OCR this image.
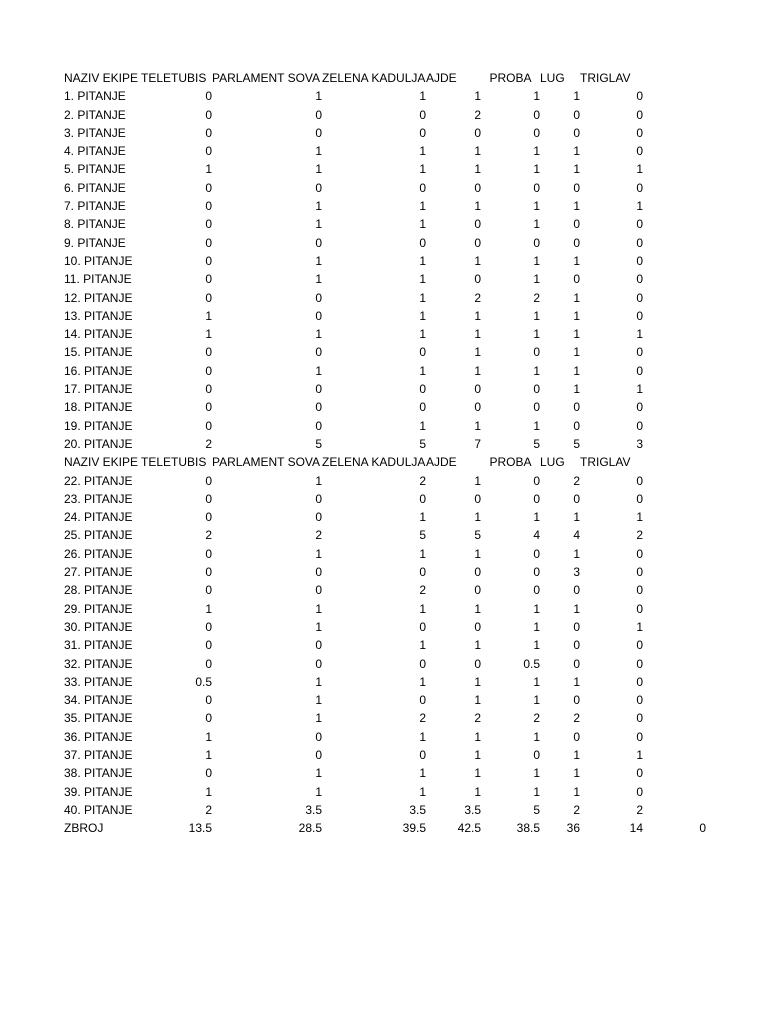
NAZIV EKIPE	TELETUBIS	PARLAMENT SOVA	ZELENA KADULJA	AJDE	PROBA	LUG	TRIGLAV	
1. PITANJE	0	1	1	1	1	1	0	
2. PITANJE	0	0	0	2	0	0	0	
3. PITANJE	0	0	0	0	0	0	0	
4. PITANJE	0	1	1	1	1	1	0	
5. PITANJE	1	1	1	1	1	1	1	
6. PITANJE	0	0	0	0	0	0	0	
7. PITANJE	0	1	1	1	1	1	1	
8. PITANJE	0	1	1	0	1	0	0	
9. PITANJE	0	0	0	0	0	0	0	
10. PITANJE	0	1	1	1	1	1	0	
11. PITANJE	0	1	1	0	1	0	0	
12. PITANJE	0	0	1	2	2	1	0	
13. PITANJE	1	0	1	1	1	1	0	
14. PITANJE	1	1	1	1	1	1	1	
15. PITANJE	0	0	0	1	0	1	0	
16. PITANJE	0	1	1	1	1	1	0	
17. PITANJE	0	0	0	0	0	1	1	
18. PITANJE	0	0	0	0	0	0	0	
19. PITANJE	0	0	1	1	1	0	0	
20. PITANJE	2	5	5	7	5	5	3	
NAZIV EKIPE	TELETUBIS	PARLAMENT SOVA	ZELENA KADULJA	AJDE	PROBA	LUG	TRIGLAV	
22. PITANJE	0	1	2	1	0	2	0	
23. PITANJE	0	0	0	0	0	0	0	
24. PITANJE	0	0	1	1	1	1	1	
25. PITANJE	2	2	5	5	4	4	2	
26. PITANJE	0	1	1	1	0	1	0	
27. PITANJE	0	0	0	0	0	3	0	
28. PITANJE	0	0	2	0	0	0	0	
29. PITANJE	1	1	1	1	1	1	0	
30. PITANJE	0	1	0	0	1	0	1	
31. PITANJE	0	0	1	1	1	0	0	
32. PITANJE	0	0	0	0	0.5	0	0	
33. PITANJE	0.5	1	1	1	1	1	0	
34. PITANJE	0	1	0	1	1	0	0	
35. PITANJE	0	1	2	2	2	2	0	
36. PITANJE	1	0	1	1	1	0	0	
37. PITANJE	1	0	0	1	0	1	1	
38. PITANJE	0	1	1	1	1	1	0	
39. PITANJE	1	1	1	1	1	1	0	
40. PITANJE	2	3.5	3.5	3.5	5	2	2	
ZBROJ	13.5	28.5	39.5	42.5	38.5	36	14	0
